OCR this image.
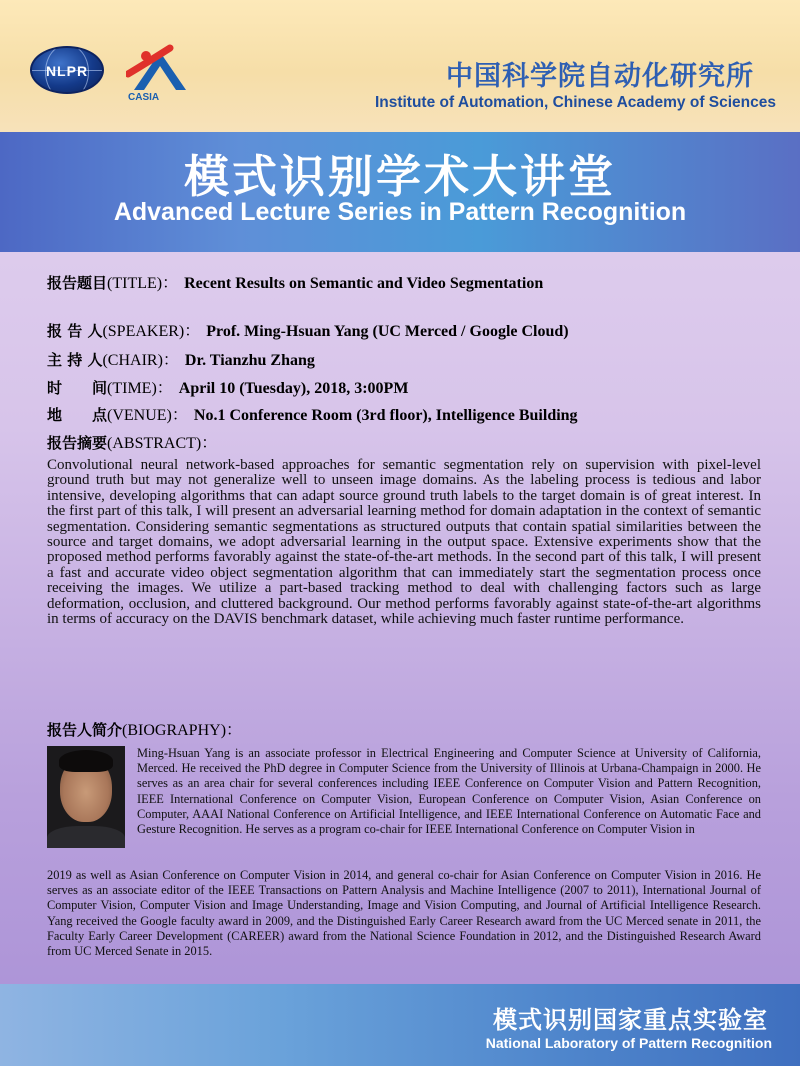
NLPR
CASIA
中国科学院自动化研究所
Institute of Automation, Chinese Academy of Sciences
模式识别学术大讲堂
Advanced Lecture Series in Pattern Recognition
报告题目(TITLE)： Recent Results on Semantic and Video Segmentation
报 告 人(SPEAKER)： Prof. Ming-Hsuan Yang (UC Merced / Google Cloud)
主 持 人(CHAIR)： Dr. Tianzhu Zhang
时　　间(TIME)： April 10 (Tuesday), 2018, 3:00PM
地　　点(VENUE)： No.1 Conference Room (3rd floor), Intelligence Building
报告摘要(ABSTRACT)：
Convolutional neural network-based approaches for semantic segmentation rely on supervision with pixel-level ground truth but may not generalize well to unseen image domains. As the labeling process is tedious and labor intensive, developing algorithms that can adapt source ground truth labels to the target domain is of great interest. In the first part of this talk, I will present an adversarial learning method for domain adaptation in the context of semantic segmentation. Considering semantic segmentations as structured outputs that contain spatial similarities between the source and target domains, we adopt adversarial learning in the output space. Extensive experiments show that the proposed method performs favorably against the state-of-the-art methods. In the second part of this talk, I will present a fast and accurate video object segmentation algorithm that can immediately start the segmentation process once receiving the images. We utilize a part-based tracking method to deal with challenging factors such as large deformation, occlusion, and cluttered background. Our method performs favorably against state-of-the-art algorithms in terms of accuracy on the DAVIS benchmark dataset, while achieving much faster runtime performance.
报告人简介(BIOGRAPHY)：
Ming-Hsuan Yang is an associate professor in Electrical Engineering and Computer Science at University of California, Merced. He received the PhD degree in Computer Science from the University of Illinois at Urbana-Champaign in 2000. He serves as an area chair for several conferences including IEEE Conference on Computer Vision and Pattern Recognition, IEEE International Conference on Computer Vision, European Conference on Computer Vision, Asian Conference on Computer, AAAI National Conference on Artificial Intelligence, and IEEE International Conference on Automatic Face and Gesture Recognition. He serves as a program co-chair for IEEE International Conference on Computer Vision in
2019 as well as Asian Conference on Computer Vision in 2014, and general co-chair for Asian Conference on Computer Vision in 2016. He serves as an associate editor of the IEEE Transactions on Pattern Analysis and Machine Intelligence (2007 to 2011), International Journal of Computer Vision, Computer Vision and Image Understanding, Image and Vision Computing, and Journal of Artificial Intelligence Research. Yang received the Google faculty award in 2009, and the Distinguished Early Career Research award from the UC Merced senate in 2011, the Faculty Early Career Development (CAREER) award from the National Science Foundation in 2012, and the Distinguished Research Award from UC Merced Senate in 2015.
模式识别国家重点实验室
National Laboratory of Pattern Recognition
